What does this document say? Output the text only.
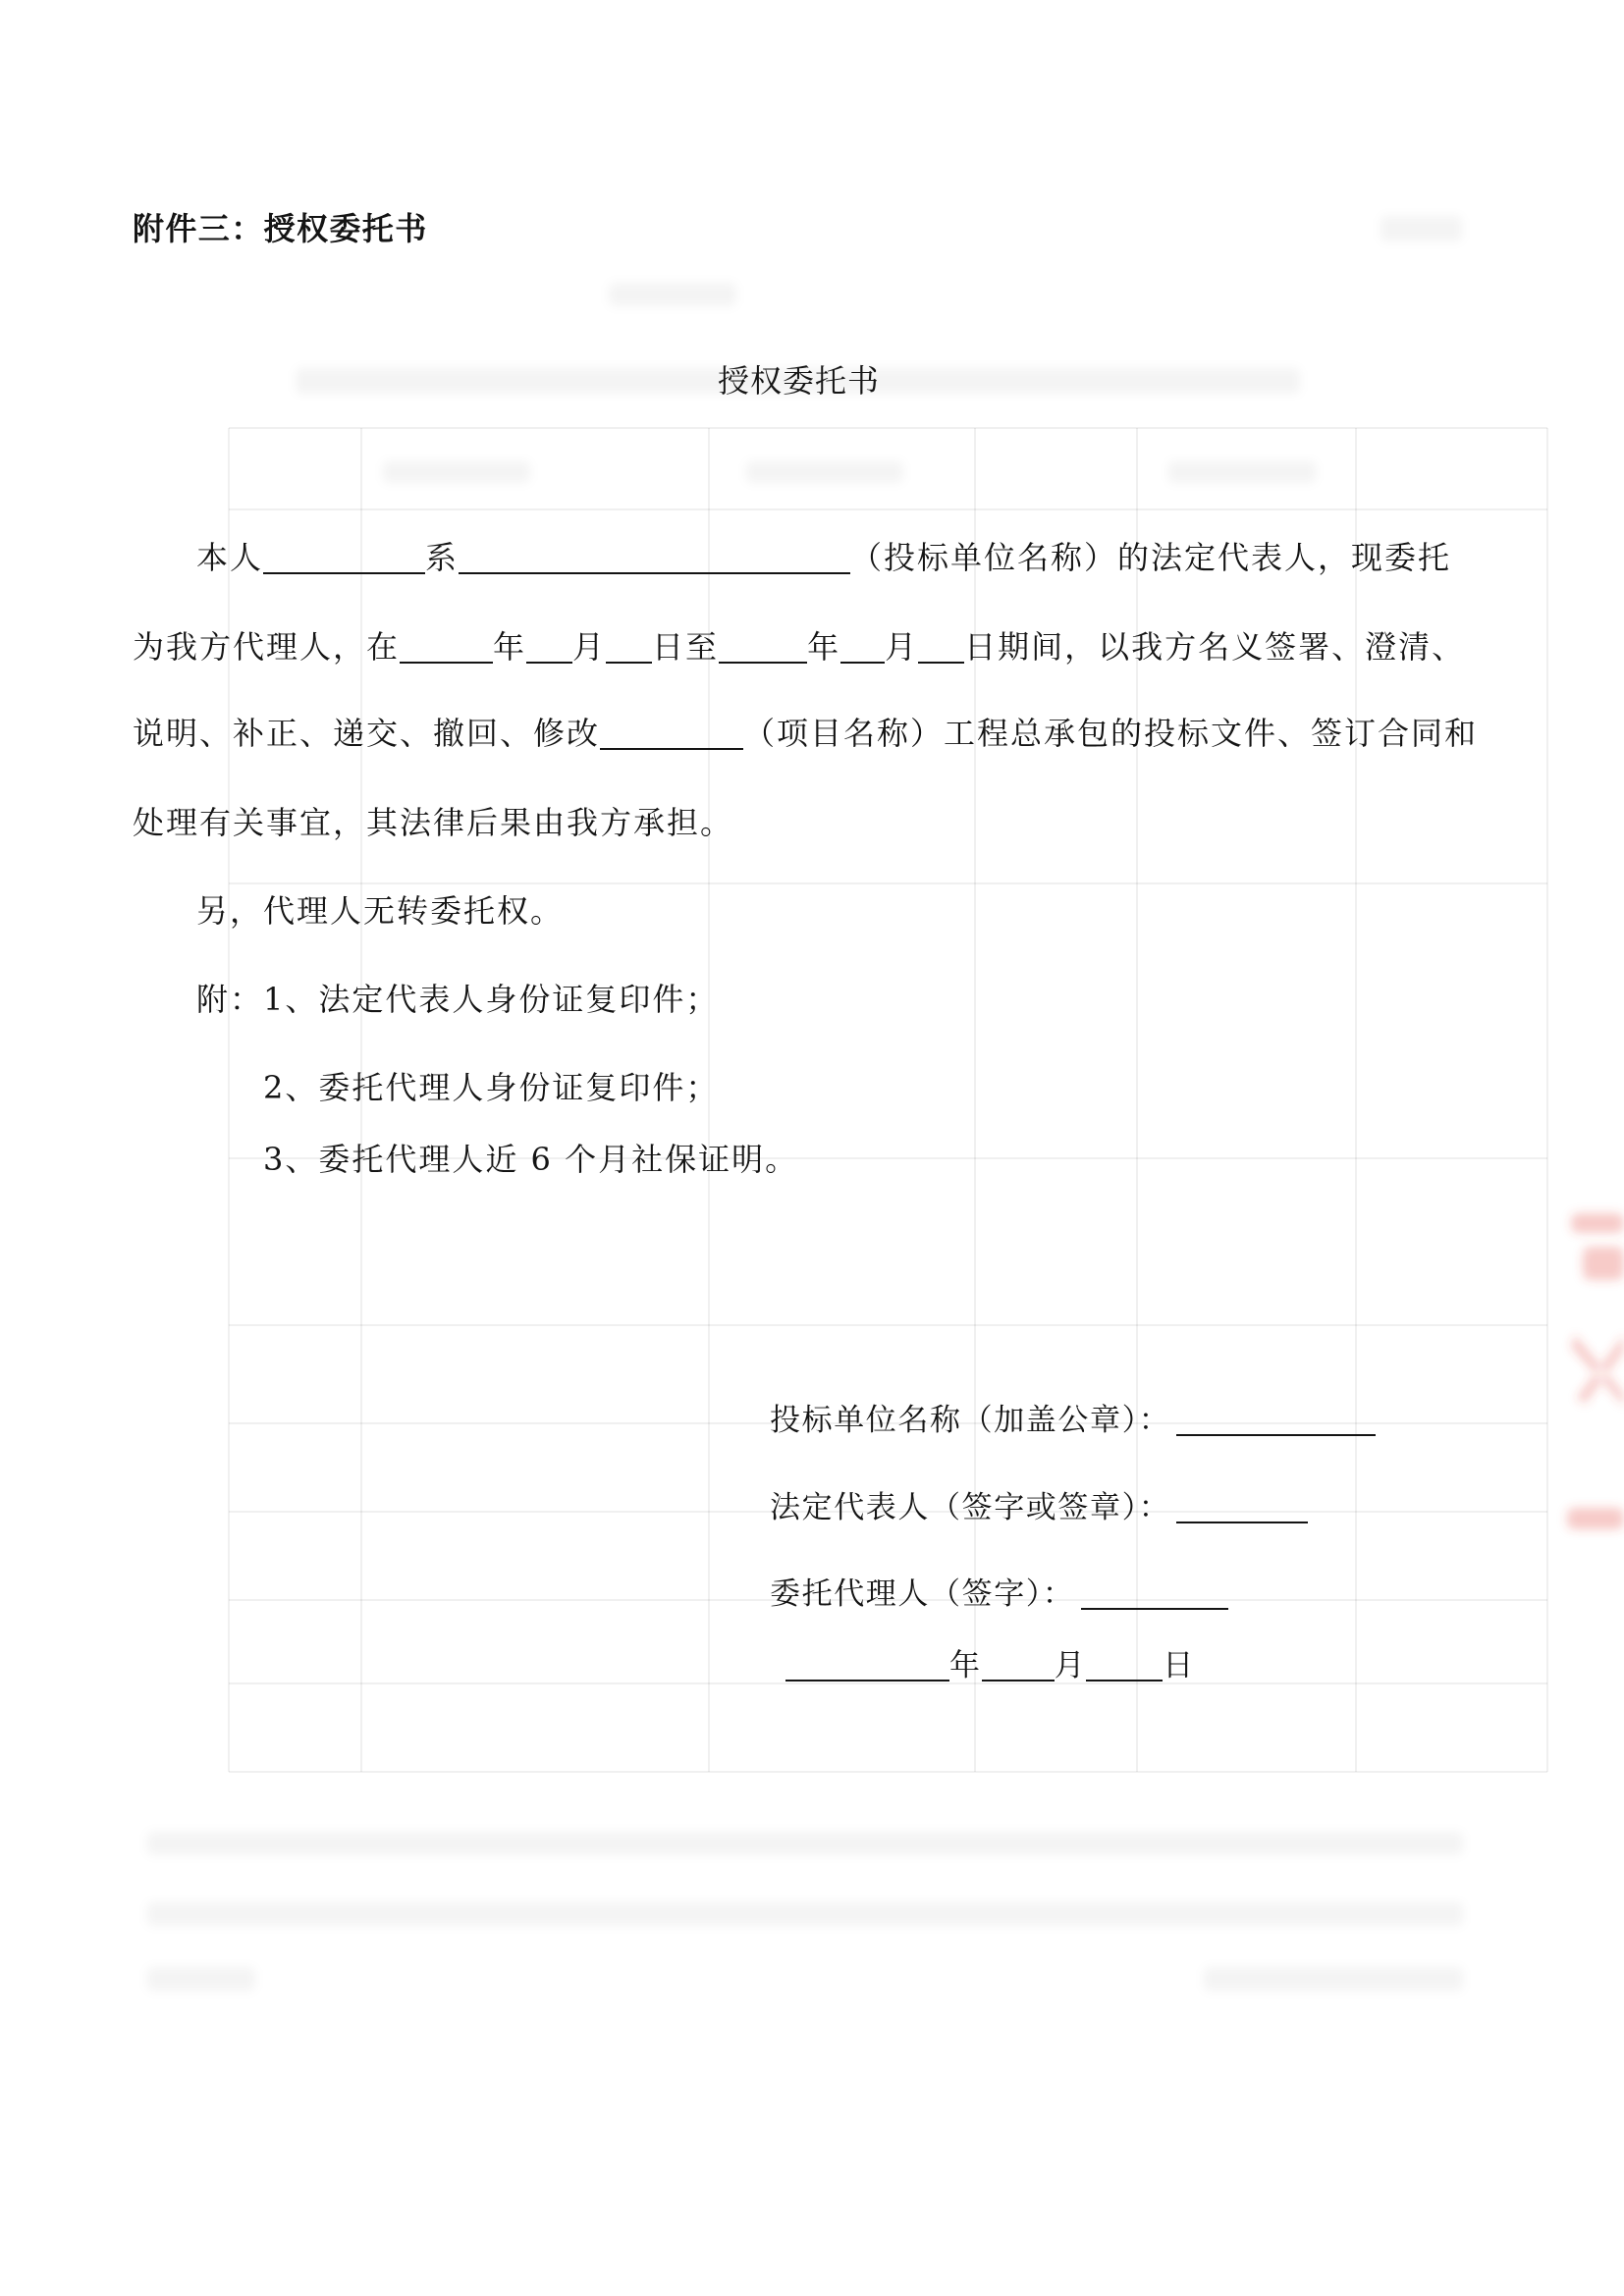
附件三：授权委托书
授权委托书
本人	系	（投标单位名称）的法定代表人，现委托
为我方代理人，在	年 月 日至	年 月 日期间，以我方名义签署、澄清、
说明、补正、递交、撤回、修改	（项目名称）工程总承包的投标文件、签订合同和
处理有关事宜，其法律后果由我方承担。
另，代理人无转委托权。
附： 1、法定代表人身份证复印件；
2、委托代理人身份证复印件；
3、委托代理人近 6 个月社保证明。
投标单位名称（加盖公章）：
法定代表人（签字或签章）：
委托代理人（签字）：
年 月	日
